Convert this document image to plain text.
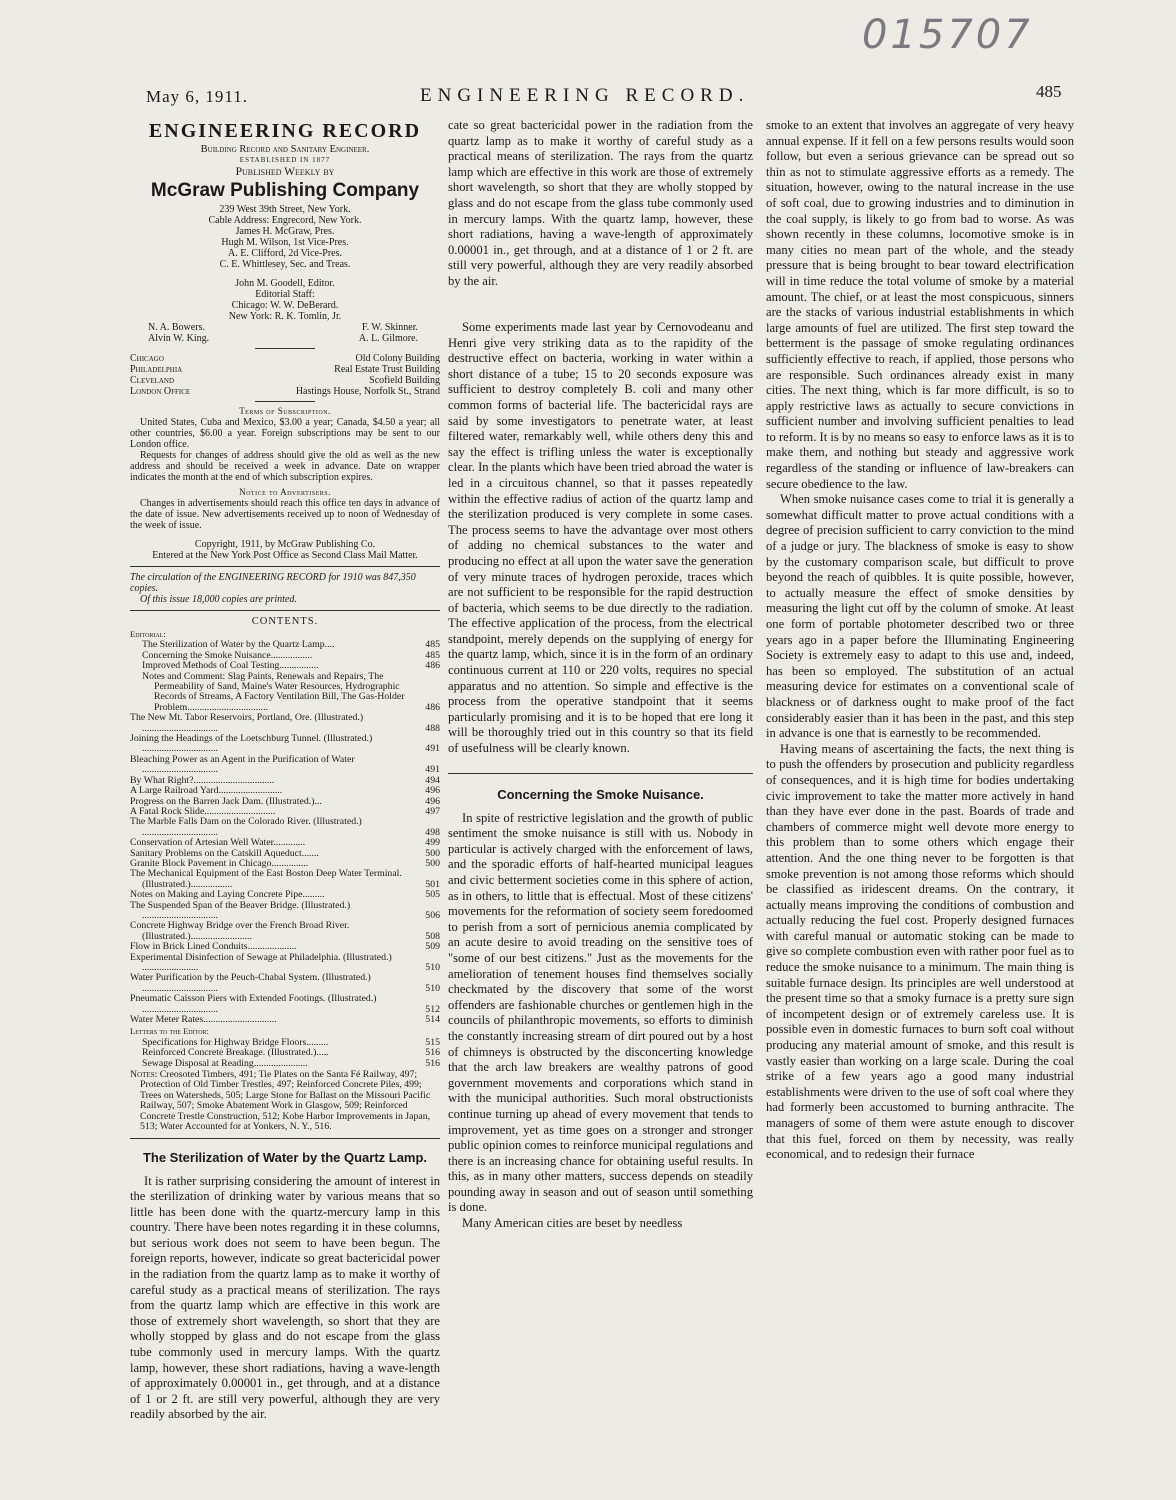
015707
May 6, 1911.	ENGINEERING RECORD.	485
ENGINEERING RECORD
Building Record and Sanitary Engineer.
ESTABLISHED IN 1877
Published Weekly by
McGraw Publishing Company
239 West 39th Street, New York.
Cable Address: Engrecord, New York.
James H. McGraw, Pres.
Hugh M. Wilson, 1st Vice-Pres.
A. E. Clifford, 2d Vice-Pres.
C. E. Whittlesey, Sec. and Treas.
John M. Goodell, Editor.
Editorial Staff:
Chicago: W. W. DeBerard.
New York: R. K. Tomlin, Jr.
N. A. Bowers.	F. W. Skinner.
Alvin W. King.	A. L. Gilmore.
Chicago	Old Colony Building
Philadelphia	Real Estate Trust Building
Cleveland	Scofield Building
London Office	Hastings House, Norfolk St., Strand
Terms of Subscription.

United States, Cuba and Mexico, $3.00 a year; Canada, $4.50 a year; all other countries, $6.00 a year. Foreign subscriptions may be sent to our London office.

Requests for changes of address should give the old as well as the new address and should be received a week in advance. Date on wrapper indicates the month at the end of which subscription expires.

Notice to Advertisers.

Changes in advertisements should reach this office ten days in advance of the date of issue. New advertisements received up to noon of Wednesday of the week of issue.

Copyright, 1911, by McGraw Publishing Co.
Entered at the New York Post Office as Second Class Mail Matter.

The circulation of the ENGINEERING RECORD for 1910 was 847,350 copies.

Of this issue 18,000 copies are printed.

CONTENTS.
Editorial:
The Sterilization of Water by the Quartz Lamp....	485
Concerning the Smoke Nuisance.................	485
Improved Methods of Coal Testing................	486
Notes and Comment: Slag Paints, Renewals and Repairs, The Permeability of Sand, Maine's Water Resources, Hydrographic Records of Streams, A Factory Ventilation Bill, The Gas-Holder Problem.................................	486
The New Mt. Tabor Reservoirs, Portland, Ore. (Illustrated.) ...............................	488
Joining the Headings of the Loetschburg Tunnel. (Illustrated.) ...............................	491
Bleaching Power as an Agent in the Purification of Water ...............................	491
By What Right?.................................	494
A Large Railroad Yard..........................	496
Progress on the Barren Jack Dam. (Illustrated.)...	496
A Fatal Rock Slide.............................	497
The Marble Falls Dam on the Colorado River. (Illustrated.) ...............................	498
Conservation of Artesian Well Water.............	499
Sanitary Problems on the Catskill Aqueduct.......	500
Granite Block Pavement in Chicago...............	500
The Mechanical Equipment of the East Boston Deep Water Terminal. (Illustrated.).................	501
Notes on Making and Laying Concrete Pipe.........	505
The Suspended Span of the Beaver Bridge. (Illustrated.) ...............................	506
Concrete Highway Bridge over the French Broad River. (Illustrated.).........................	508
Flow in Brick Lined Conduits....................	509
Experimental Disinfection of Sewage at Philadelphia. (Illustrated.) .......................	510
Water Purification by the Peuch-Chabal System. (Illustrated.) ...............................	510
Pneumatic Caisson Piers with Extended Footings. (Illustrated.) ...............................	512
Water Meter Rates..............................	514
Letters to the Editor:
Specifications for Highway Bridge Floors.........	515
Reinforced Concrete Breakage. (Illustrated.).....	516
Sewage Disposal at Reading......................	516
Notes: Creosoted Timbers, 491; Tie Plates on the Santa Fé Railway, 497; Protection of Old Timber Trestles, 497; Reinforced Concrete Piles, 499; Trees on Watersheds, 505; Large Stone for Ballast on the Missouri Pacific Railway, 507; Smoke Abatement Work in Glasgow, 509; Reinforced Concrete Trestle Construction, 512; Kobe Harbor Improvements in Japan, 513; Water Accounted for at Yonkers, N. Y., 516.
The Sterilization of Water by the Quartz Lamp.

It is rather surprising considering the amount of interest in the sterilization of drinking water by various means that so little has been done with the quartz-mercury lamp in this country. There have been notes regarding it in these columns, but serious work does not seem to have been begun. The foreign reports, however, indicate so great bactericidal power in the radiation from the quartz lamp as to make it worthy of careful study as a practical means of sterilization. The rays from the quartz lamp which are effective in this work are those of extremely short wavelength, so short that they are wholly stopped by glass and do not escape from the glass tube commonly used in mercury lamps. With the quartz lamp, however, these short radiations, having a wave-length of approximately 0.00001 in., get through, and at a distance of 1 or 2 ft. are still very powerful, although they are very readily absorbed by the air.

cate so great bactericidal power in the radiation from the quartz lamp as to make it worthy of careful study as a practical means of sterilization. The rays from the quartz lamp which are effective in this work are those of extremely short wavelength, so short that they are wholly stopped by glass and do not escape from the glass tube commonly used in mercury lamps. With the quartz lamp, however, these short radiations, having a wave-length of approximately 0.00001 in., get through, and at a distance of 1 or 2 ft. are still very powerful, although they are very readily absorbed by the air.

Some experiments made last year by Cernovodeanu and Henri give very striking data as to the rapidity of the destructive effect on bacteria, working in water within a short distance of a tube; 15 to 20 seconds exposure was sufficient to destroy completely B. coli and many other common forms of bacterial life. The bactericidal rays are said by some investigators to penetrate water, at least filtered water, remarkably well, while others deny this and say the effect is trifling unless the water is exceptionally clear. In the plants which have been tried abroad the water is led in a circuitous channel, so that it passes repeatedly within the effective radius of action of the quartz lamp and the sterilization produced is very complete in some cases. The process seems to have the advantage over most others of adding no chemical substances to the water and producing no effect at all upon the water save the generation of very minute traces of hydrogen peroxide, traces which are not sufficient to be responsible for the rapid destruction of bacteria, which seems to be due directly to the radiation. The effective application of the process, from the electrical standpoint, merely depends on the supplying of energy for the quartz lamp, which, since it is in the form of an ordinary continuous current at 110 or 220 volts, requires no special apparatus and no attention. So simple and effective is the process from the operative standpoint that it seems particularly promising and it is to be hoped that ere long it will be thoroughly tried out in this country so that its field of usefulness will be clearly known.

Concerning the Smoke Nuisance.

In spite of restrictive legislation and the growth of public sentiment the smoke nuisance is still with us. Nobody in particular is actively charged with the enforcement of laws, and the sporadic efforts of half-hearted municipal leagues and civic betterment societies come in this sphere of action, as in others, to little that is effectual. Most of these citizens' movements for the reformation of society seem foredoomed to perish from a sort of pernicious anemia complicated by an acute desire to avoid treading on the sensitive toes of "some of our best citizens." Just as the movements for the amelioration of tenement houses find themselves socially checkmated by the discovery that some of the worst offenders are fashionable churches or gentlemen high in the councils of philanthropic movements, so efforts to diminish the constantly increasing stream of dirt poured out by a host of chimneys is obstructed by the disconcerting knowledge that the arch law breakers are wealthy patrons of good government movements and corporations which stand in with the municipal authorities. Such moral obstructionists continue turning up ahead of every movement that tends to improvement, yet as time goes on a stronger and stronger public opinion comes to reinforce municipal regulations and there is an increasing chance for obtaining useful results. In this, as in many other matters, success depends on steadily pounding away in season and out of season until something is done.

Many American cities are beset by needless

smoke to an extent that involves an aggregate of very heavy annual expense. If it fell on a few persons results would soon follow, but even a serious grievance can be spread out so thin as not to stimulate aggressive efforts as a remedy. The situation, however, owing to the natural increase in the use of soft coal, due to growing industries and to diminution in the coal supply, is likely to go from bad to worse. As was shown recently in these columns, locomotive smoke is in many cities no mean part of the whole, and the steady pressure that is being brought to bear toward electrification will in time reduce the total volume of smoke by a material amount. The chief, or at least the most conspicuous, sinners are the stacks of various industrial establishments in which large amounts of fuel are utilized. The first step toward the betterment is the passage of smoke regulating ordinances sufficiently effective to reach, if applied, those persons who are responsible. Such ordinances already exist in many cities. The next thing, which is far more difficult, is so to apply restrictive laws as actually to secure convictions in sufficient number and involving sufficient penalties to lead to reform. It is by no means so easy to enforce laws as it is to make them, and nothing but steady and aggressive work regardless of the standing or influence of law-breakers can secure obedience to the law.

When smoke nuisance cases come to trial it is generally a somewhat difficult matter to prove actual conditions with a degree of precision sufficient to carry conviction to the mind of a judge or jury. The blackness of smoke is easy to show by the customary comparison scale, but difficult to prove beyond the reach of quibbles. It is quite possible, however, to actually measure the effect of smoke densities by measuring the light cut off by the column of smoke. At least one form of portable photometer described two or three years ago in a paper before the Illuminating Engineering Society is extremely easy to adapt to this use and, indeed, has been so employed. The substitution of an actual measuring device for estimates on a conventional scale of blackness or of darkness ought to make proof of the fact considerably easier than it has been in the past, and this step in advance is one that is earnestly to be recommended.

Having means of ascertaining the facts, the next thing is to push the offenders by prosecution and publicity regardless of consequences, and it is high time for bodies undertaking civic improvement to take the matter more actively in hand than they have ever done in the past. Boards of trade and chambers of commerce might well devote more energy to this problem than to some others which engage their attention. And the one thing never to be forgotten is that smoke prevention is not among those reforms which should be classified as iridescent dreams. On the contrary, it actually means improving the conditions of combustion and actually reducing the fuel cost. Properly designed furnaces with careful manual or automatic stoking can be made to give so complete combustion even with rather poor fuel as to reduce the smoke nuisance to a minimum. The main thing is suitable furnace design. Its principles are well understood at the present time so that a smoky furnace is a pretty sure sign of incompetent design or of extremely careless use. It is possible even in domestic furnaces to burn soft coal without producing any material amount of smoke, and this result is vastly easier than working on a large scale. During the coal strike of a few years ago a good many industrial establishments were driven to the use of soft coal where they had formerly been accustomed to burning anthracite. The managers of some of them were astute enough to discover that this fuel, forced on them by necessity, was really economical, and to redesign their furnace
